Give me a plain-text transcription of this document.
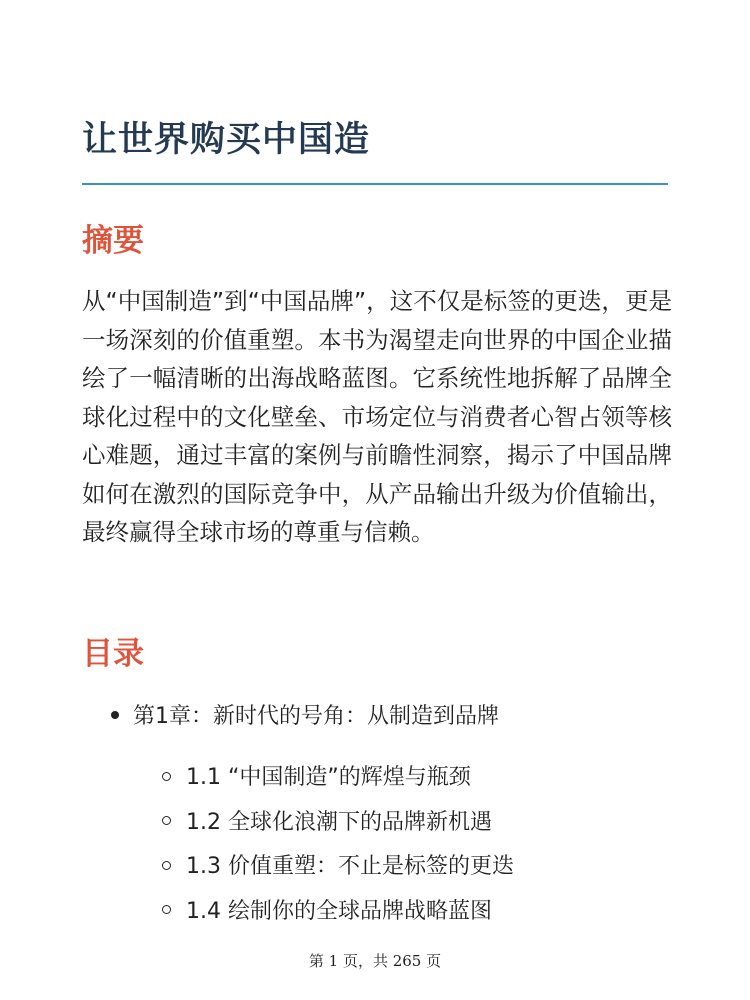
让世界购买中国造
摘要

从“中国制造”到“中国品牌”，这不仅是标签的更迭，更是一场深刻的价值重塑。本书为渴望走向世界的中国企业描绘了一幅清晰的出海战略蓝图。它系统性地拆解了品牌全球化过程中的文化壁垒、市场定位与消费者心智占领等核心难题，通过丰富的案例与前瞻性洞察，揭示了中国品牌如何在激烈的国际竞争中，从产品输出升级为价值输出，最终赢得全球市场的尊重与信赖。

目录
第1章：新时代的号角：从制造到品牌
1.1 “中国制造”的辉煌与瓶颈
1.2 全球化浪潮下的品牌新机遇
1.3 价值重塑：不止是标签的更迭
1.4 绘制你的全球品牌战略蓝图
第 1 页，共 265 页
